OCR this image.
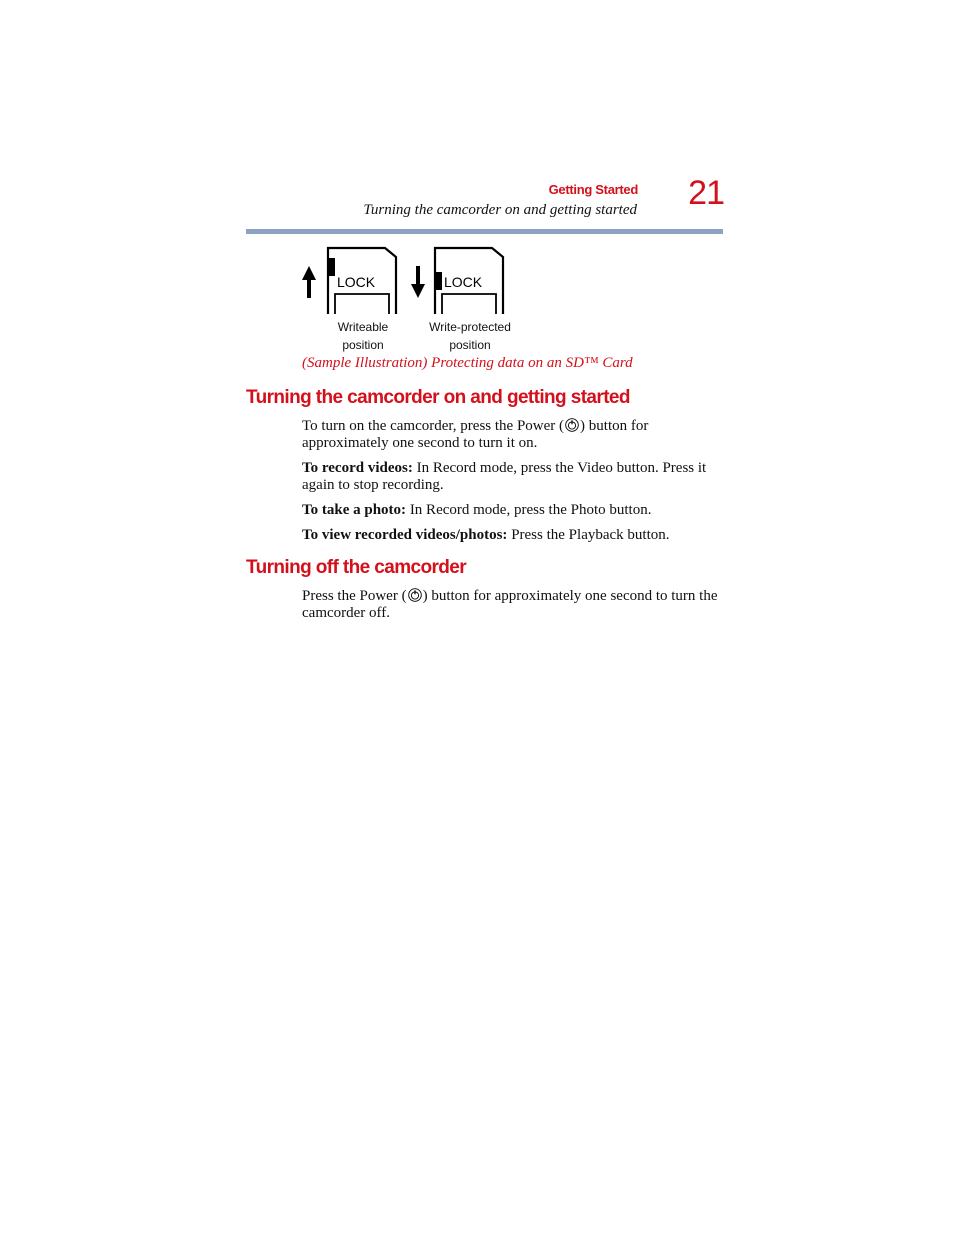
Getting Started
Turning the camcorder on and getting started 21
LOCK	LOCK
Writeable
position
Write-protected
position
(Sample Illustration) Protecting data on an SD™ Card
Turning the camcorder on and getting started
To turn on the camcorder, press the Power ( ) button for approximately one second to turn it on.
To record videos: In Record mode, press the Video button. Press it again to stop recording.
To take a photo: In Record mode, press the Photo button.
To view recorded videos/photos: Press the Playback button.
Turning off the camcorder
Press the Power ( ) button for approximately one second to turn the camcorder off.
